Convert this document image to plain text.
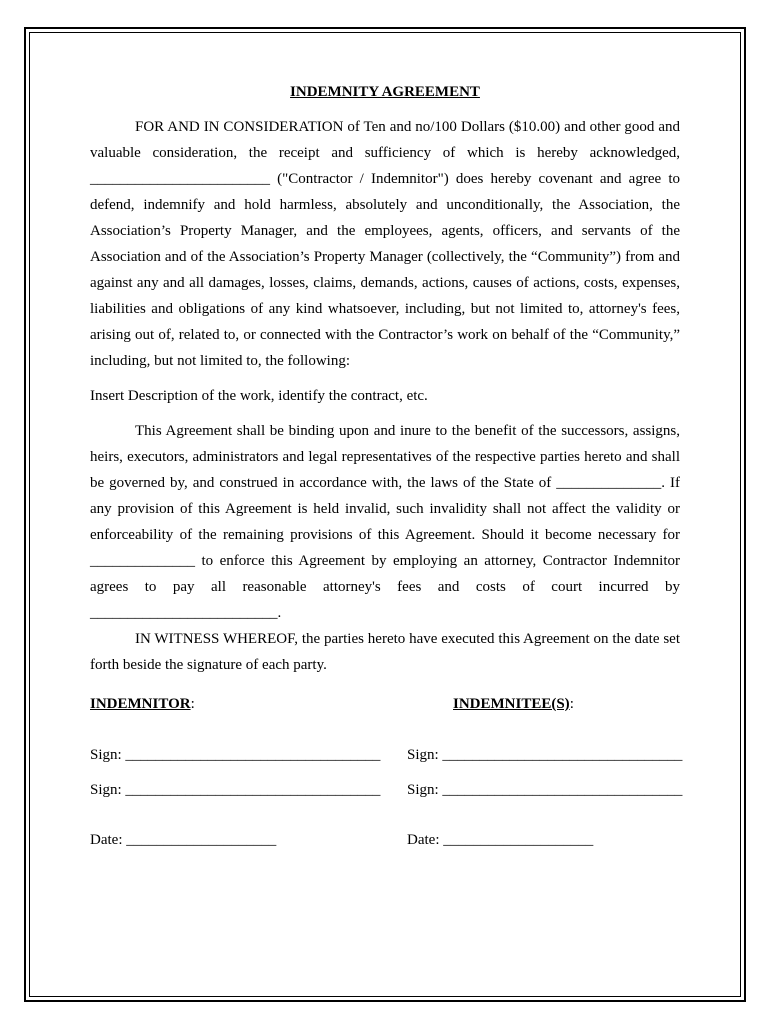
INDEMNITY AGREEMENT

FOR AND IN CONSIDERATION of Ten and no/100 Dollars ($10.00) and other good and valuable consideration, the receipt and sufficiency of which is hereby acknowledged, ________________________ ("Contractor / Indemnitor") does hereby covenant and agree to defend, indemnify and hold harmless, absolutely and unconditionally, the Association, the Association’s Property Manager, and the employees, agents, officers, and servants of the Association and of the Association’s Property Manager (collectively, the “Community”) from and against any and all damages, losses, claims, demands, actions, causes of actions, costs, expenses, liabilities and obligations of any kind whatsoever, including, but not limited to, attorney's fees, arising out of, related to, or connected with the Contractor’s work on behalf of the “Community,” including, but not limited to, the following:

Insert Description of the work, identify the contract, etc.

This Agreement shall be binding upon and inure to the benefit of the successors, assigns, heirs, executors, administrators and legal representatives of the respective parties hereto and shall be governed by, and construed in accordance with, the laws of the State of ______________. If any provision of this Agreement is held invalid, such invalidity shall not affect the validity or enforceability of the remaining provisions of this Agreement. Should it become necessary for ______________ to enforce this Agreement by employing an attorney, Contractor Indemnitor agrees to pay all reasonable attorney's fees and costs of court incurred by _________________________.

IN WITNESS WHEREOF, the parties hereto have executed this Agreement on the date set forth beside the signature of each party.

INDEMNITOR:	INDEMNITEE(S):
Sign: __________________________________ Sign: ________________________________
Sign: __________________________________ Sign: ________________________________
Date: ____________________	Date: ____________________
